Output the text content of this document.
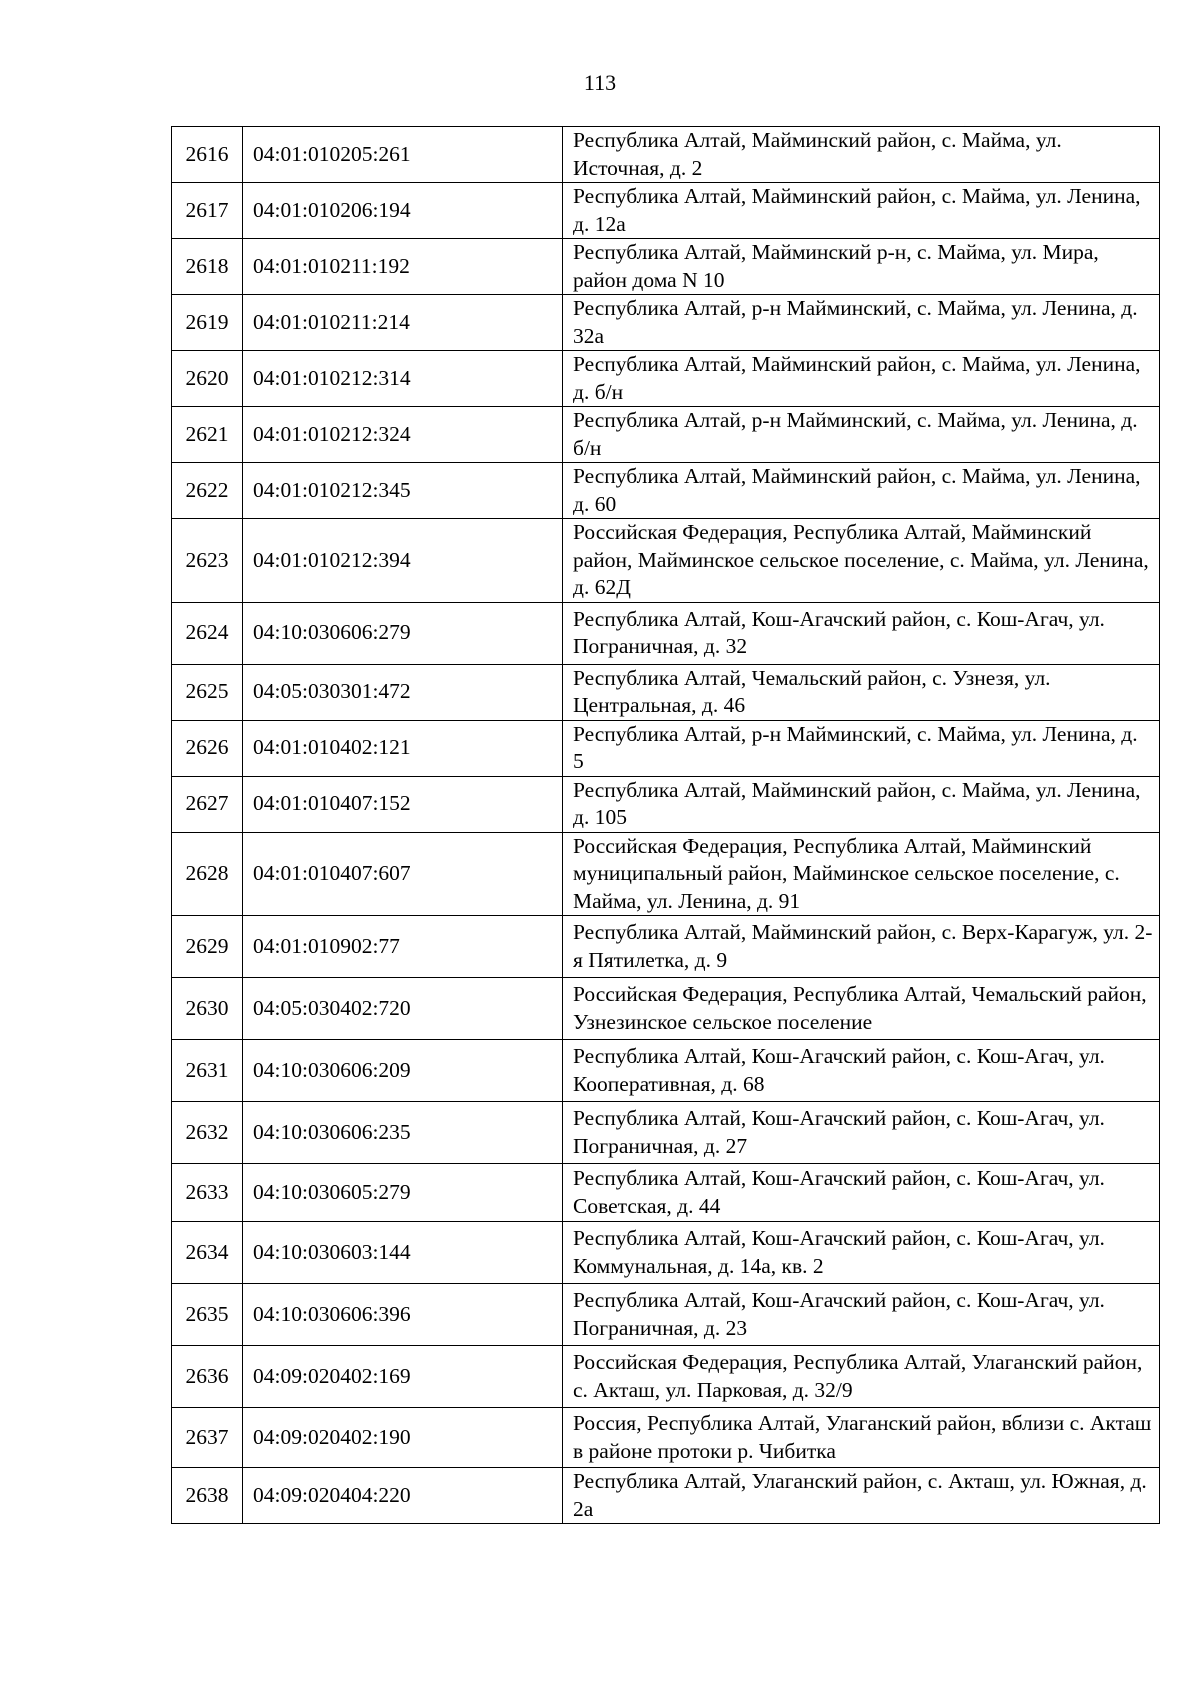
113
2616	04:01:010205:261	Республика Алтай, Майминский район, с. Майма, ул. Источная, д. 2
2617	04:01:010206:194	Республика Алтай, Майминский район, с. Майма, ул. Ленина, д. 12а
2618	04:01:010211:192	Республика Алтай, Майминский р-н, с. Майма, ул. Мира, район дома N 10
2619	04:01:010211:214	Республика Алтай, р-н Майминский, с. Майма, ул. Ленина, д. 32а
2620	04:01:010212:314	Республика Алтай, Майминский район, с. Майма, ул. Ленина, д. б/н
2621	04:01:010212:324	Республика Алтай, р-н Майминский, с. Майма, ул. Ленина, д. б/н
2622	04:01:010212:345	Республика Алтай, Майминский район, с. Майма, ул. Ленина, д. 60
2623	04:01:010212:394	Российская Федерация, Республика Алтай, Майминский район, Майминское сельское поселение, с. Майма, ул. Ленина, д. 62Д
2624	04:10:030606:279	Республика Алтай, Кош-Агачский район, с. Кош-Агач, ул. Пограничная, д. 32
2625	04:05:030301:472	Республика Алтай, Чемальский район, с. Узнезя, ул. Центральная, д. 46
2626	04:01:010402:121	Республика Алтай, р-н Майминский, с. Майма, ул. Ленина, д. 5
2627	04:01:010407:152	Республика Алтай, Майминский район, с. Майма, ул. Ленина, д. 105
2628	04:01:010407:607	Российская Федерация, Республика Алтай, Майминский муниципальный район, Майминское сельское поселение, с. Майма, ул. Ленина, д. 91
2629	04:01:010902:77	Республика Алтай, Майминский район, с. Верх-Карагуж, ул. 2-я Пятилетка, д. 9
2630	04:05:030402:720	Российская Федерация, Республика Алтай, Чемальский район, Узнезинское сельское поселение
2631	04:10:030606:209	Республика Алтай, Кош-Агачский район, с. Кош-Агач, ул. Кооперативная, д. 68
2632	04:10:030606:235	Республика Алтай, Кош-Агачский район, с. Кош-Агач, ул. Пограничная, д. 27
2633	04:10:030605:279	Республика Алтай, Кош-Агачский район, с. Кош-Агач, ул. Советская, д. 44
2634	04:10:030603:144	Республика Алтай, Кош-Агачский район, с. Кош-Агач, ул. Коммунальная, д. 14а, кв. 2
2635	04:10:030606:396	Республика Алтай, Кош-Агачский район, с. Кош-Агач, ул. Пограничная, д. 23
2636	04:09:020402:169	Российская Федерация, Республика Алтай, Улаганский район, с. Акташ, ул. Парковая, д. 32/9
2637	04:09:020402:190	Россия, Республика Алтай, Улаганский район, вблизи с. Акташ в районе протоки р. Чибитка
2638	04:09:020404:220	Республика Алтай, Улаганский район, с. Акташ, ул. Южная, д. 2а
